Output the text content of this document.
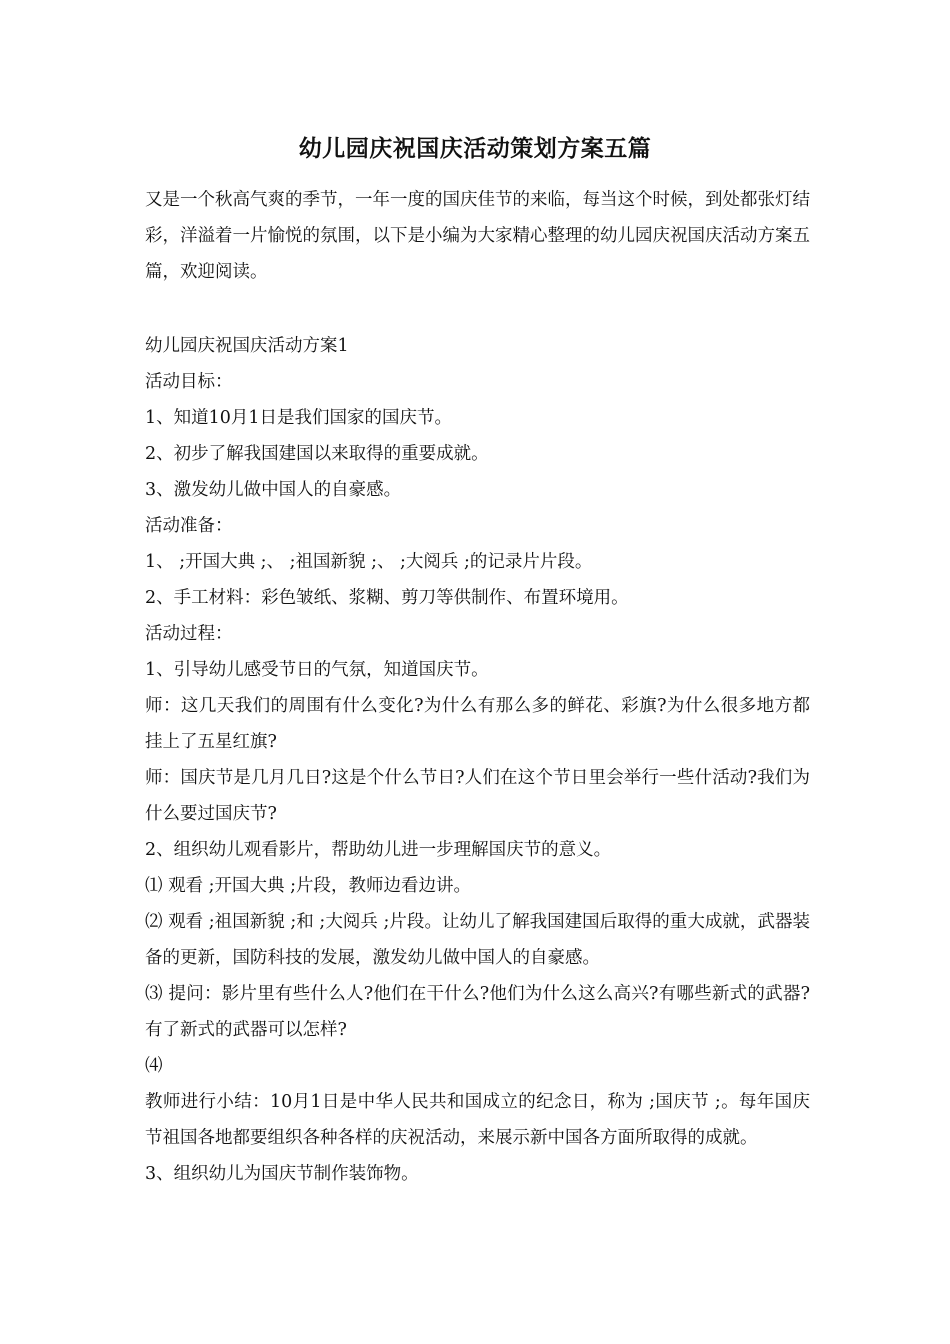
幼儿园庆祝国庆活动策划方案五篇

又是一个秋高气爽的季节，一年一度的国庆佳节的来临，每当这个时候，到处都张灯结彩，洋溢着一片愉悦的氛围，以下是小编为大家精心整理的幼儿园庆祝国庆活动方案五篇，欢迎阅读。

幼儿园庆祝国庆活动方案1

活动目标：

1、知道10月1日是我们国家的国庆节。

2、初步了解我国建国以来取得的重要成就。

3、激发幼儿做中国人的自豪感。

活动准备：

1、 ;开国大典 ;、 ;祖国新貌 ;、 ;大阅兵 ;的记录片片段。

2、手工材料：彩色皱纸、浆糊、剪刀等供制作、布置环境用。

活动过程：

1、引导幼儿感受节日的气氛，知道国庆节。

师：这几天我们的周围有什么变化?为什么有那么多的鲜花、彩旗?为什么很多地方都挂上了五星红旗?

师：国庆节是几月几日?这是个什么节日?人们在这个节日里会举行一些什活动?我们为什么要过国庆节?

2、组织幼儿观看影片，帮助幼儿进一步理解国庆节的意义。

⑴ 观看 ;开国大典 ;片段，教师边看边讲。

⑵ 观看 ;祖国新貌 ;和 ;大阅兵 ;片段。让幼儿了解我国建国后取得的重大成就，武器装备的更新，国防科技的发展，激发幼儿做中国人的自豪感。

⑶ 提问：影片里有些什么人?他们在干什么?他们为什么这么高兴?有哪些新式的武器?有了新式的武器可以怎样?

⑷

教师进行小结：10月1日是中华人民共和国成立的纪念日，称为 ;国庆节 ;。每年国庆节祖国各地都要组织各种各样的庆祝活动，来展示新中国各方面所取得的成就。

3、组织幼儿为国庆节制作装饰物。
